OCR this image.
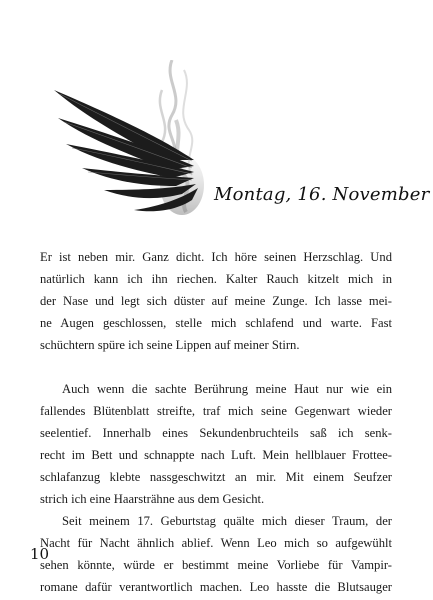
Montag, 16. November

Er ist neben mir. Ganz dicht. Ich höre seinen Herzschlag. Und
natürlich kann ich ihn riechen. Kalter Rauch kitzelt mich in
der Nase und legt sich düster auf meine Zunge. Ich lasse mei-
ne Augen geschlossen, stelle mich schlafend und warte. Fast
schüchtern spüre ich seine Lippen auf meiner Stirn.

Auch wenn die sachte Berührung meine Haut nur wie ein
fallendes Blütenblatt streifte, traf mich seine Gegenwart wieder
seelentief. Innerhalb eines Sekundenbruchteils saß ich senk-
recht im Bett und schnappte nach Luft. Mein hellblauer Frottee-
schlafanzug klebte nassgeschwitzt an mir. Mit einem Seufzer
strich ich eine Haarsträhne aus dem Gesicht.

Seit meinem 17. Geburtstag quälte mich dieser Traum, der
Nacht für Nacht ähnlich ablief. Wenn Leo mich so aufgewühlt
sehen könnte, würde er bestimmt meine Vorliebe für Vampir-
romane dafür verantwortlich machen. Leo hasste die Blutsauger

10
